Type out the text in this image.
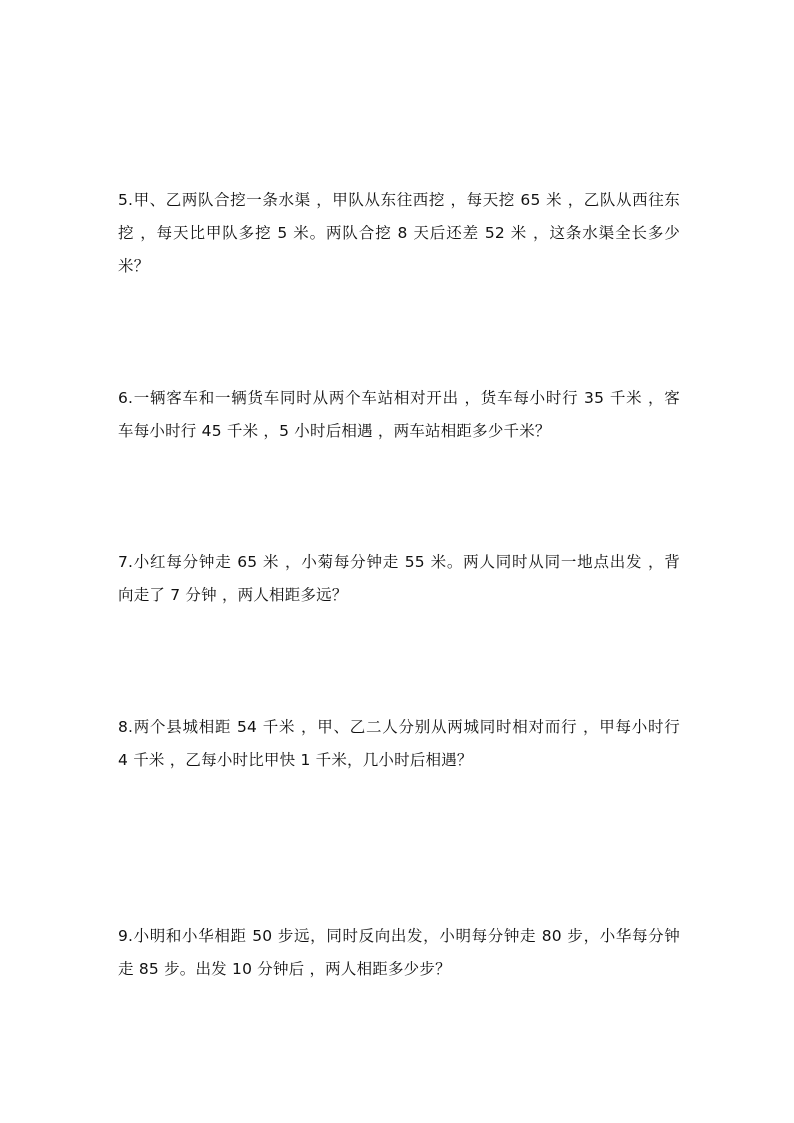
5.甲、乙两队合挖一条水渠 ，甲队从东往西挖 ，每天挖 65 米 ，乙队从西往东
挖 ，每天比甲队多挖 5 米。两队合挖 8 天后还差 52 米 ，这条水渠全长多少
米？
6.一辆客车和一辆货车同时从两个车站相对开出 ，货车每小时行 35 千米 ，客
车每小时行 45 千米 ，5 小时后相遇 ，两车站相距多少千米？
7.小红每分钟走 65 米 ，小菊每分钟走 55 米。两人同时从同一地点出发 ，背
向走了 7 分钟 ，两人相距多远？
8.两个县城相距 54 千米 ，甲、乙二人分别从两城同时相对而行 ，甲每小时行
4 千米 ，乙每小时比甲快 1 千米，几小时后相遇？
9.小明和小华相距 50 步远，同时反向出发，小明每分钟走 80 步，小华每分钟
走 85 步。出发 10 分钟后 ，两人相距多少步？
